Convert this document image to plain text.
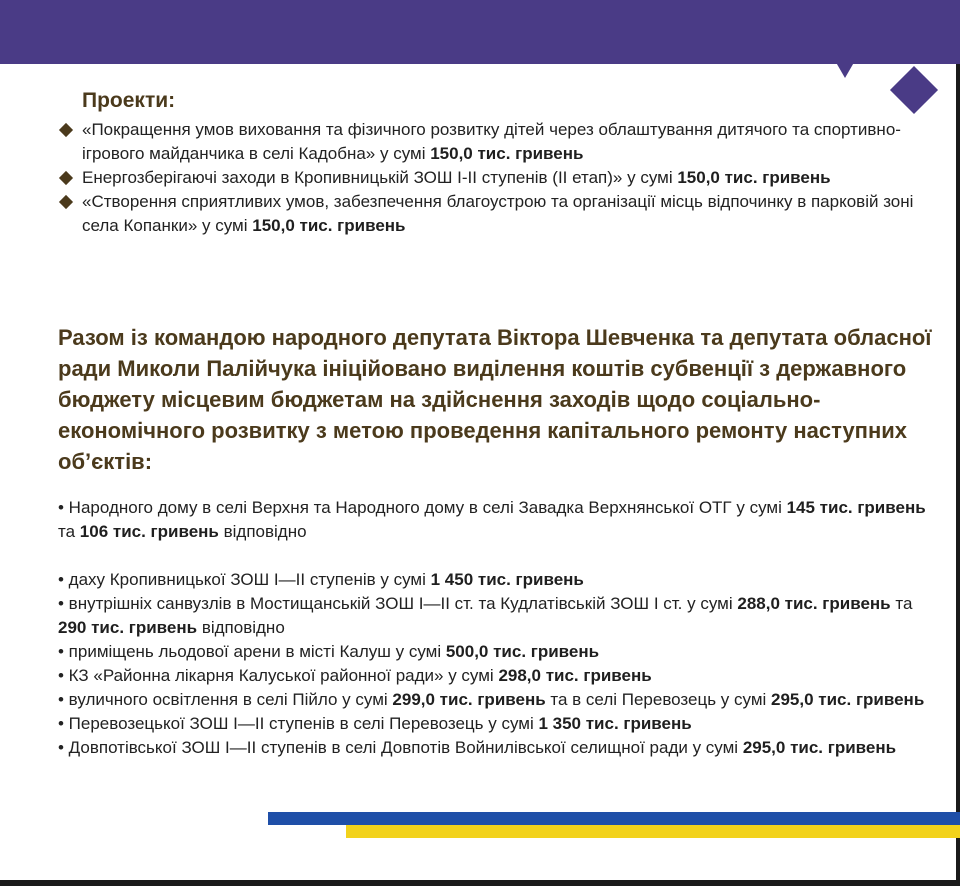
Проекти:
«Покращення умов виховання та фізичного розвитку дітей через облаштування дитячого та спортивно-ігрового майданчика в селі Кадобна» у сумі 150,0 тис. гривень
Енергозберігаючі заходи в Кропивницькій ЗОШ І-ІІ ступенів (ІІ етап)» у сумі 150,0 тис. гривень
«Створення сприятливих умов, забезпечення благоустрою та організації місць відпочинку в парковій зоні села Копанки» у сумі 150,0 тис. гривень

Разом із командою народного депутата Віктора Шевченка та депутата обласної ради Миколи Палійчука ініційовано виділення коштів субвенції з державного бюджету місцевим бюджетам на здійснення заходів щодо соціально-економічного розвитку з метою проведення капітального ремонту наступних об’єктів:

• Народного дому в селі Верхня та Народного дому в селі Завадка Верхнянської ОТГ у сумі 145 тис. гривень та 106 тис. гривень відповідно

• даху Кропивницької ЗОШ І—ІІ ступенів у сумі 1 450 тис. гривень

• внутрішніх санвузлів в Мостищанській ЗОШ І—ІІ ст. та Кудлатівській ЗОШ І ст. у сумі 288,0 тис. гривень та 290 тис. гривень відповідно

• приміщень льодової арени в місті Калуш у сумі 500,0 тис. гривень

• КЗ «Районна лікарня Калуської районної ради» у сумі 298,0 тис. гривень

• вуличного освітлення в селі Пійло у сумі 299,0 тис. гривень та в селі Перевозець у сумі 295,0 тис. гривень

• Перевозецької ЗОШ І—ІІ ступенів в селі Перевозець у сумі 1 350 тис. гривень

• Довпотівської ЗОШ І—ІІ ступенів в селі Довпотів Войнилівської селищної ради у сумі 295,0 тис. гривень
